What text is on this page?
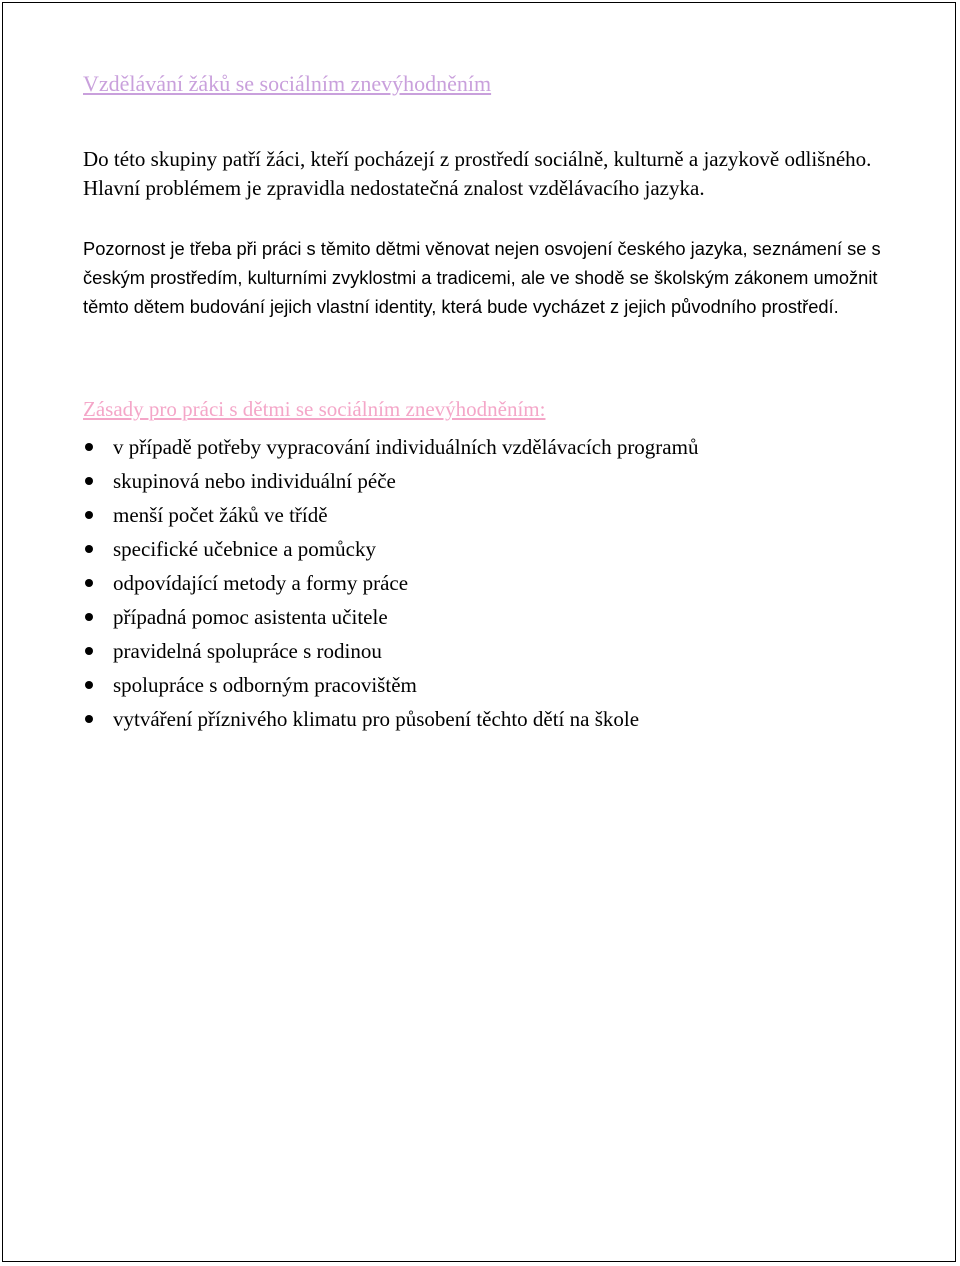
Vzdělávání žáků se sociálním znevýhodněním

Do této skupiny patří žáci, kteří pocházejí z prostředí sociálně, kulturně a jazykově odlišného. Hlavní problémem je zpravidla nedostatečná znalost vzdělávacího jazyka.

Pozornost je třeba při práci s těmito dětmi věnovat nejen osvojení českého jazyka, seznámení se s českým prostředím, kulturními zvyklostmi a tradicemi, ale ve shodě se školským zákonem umožnit těmto dětem budování jejich vlastní identity, která bude vycházet z jejich původního prostředí.

Zásady pro práci s dětmi se sociálním znevýhodněním:
v případě potřeby vypracování individuálních vzdělávacích programů
skupinová nebo individuální péče
menší počet žáků ve třídě
specifické učebnice a pomůcky
odpovídající metody a formy práce
případná pomoc asistenta učitele
pravidelná spolupráce s rodinou
spolupráce s odborným pracovištěm
vytváření příznivého klimatu pro působení těchto dětí na škole
